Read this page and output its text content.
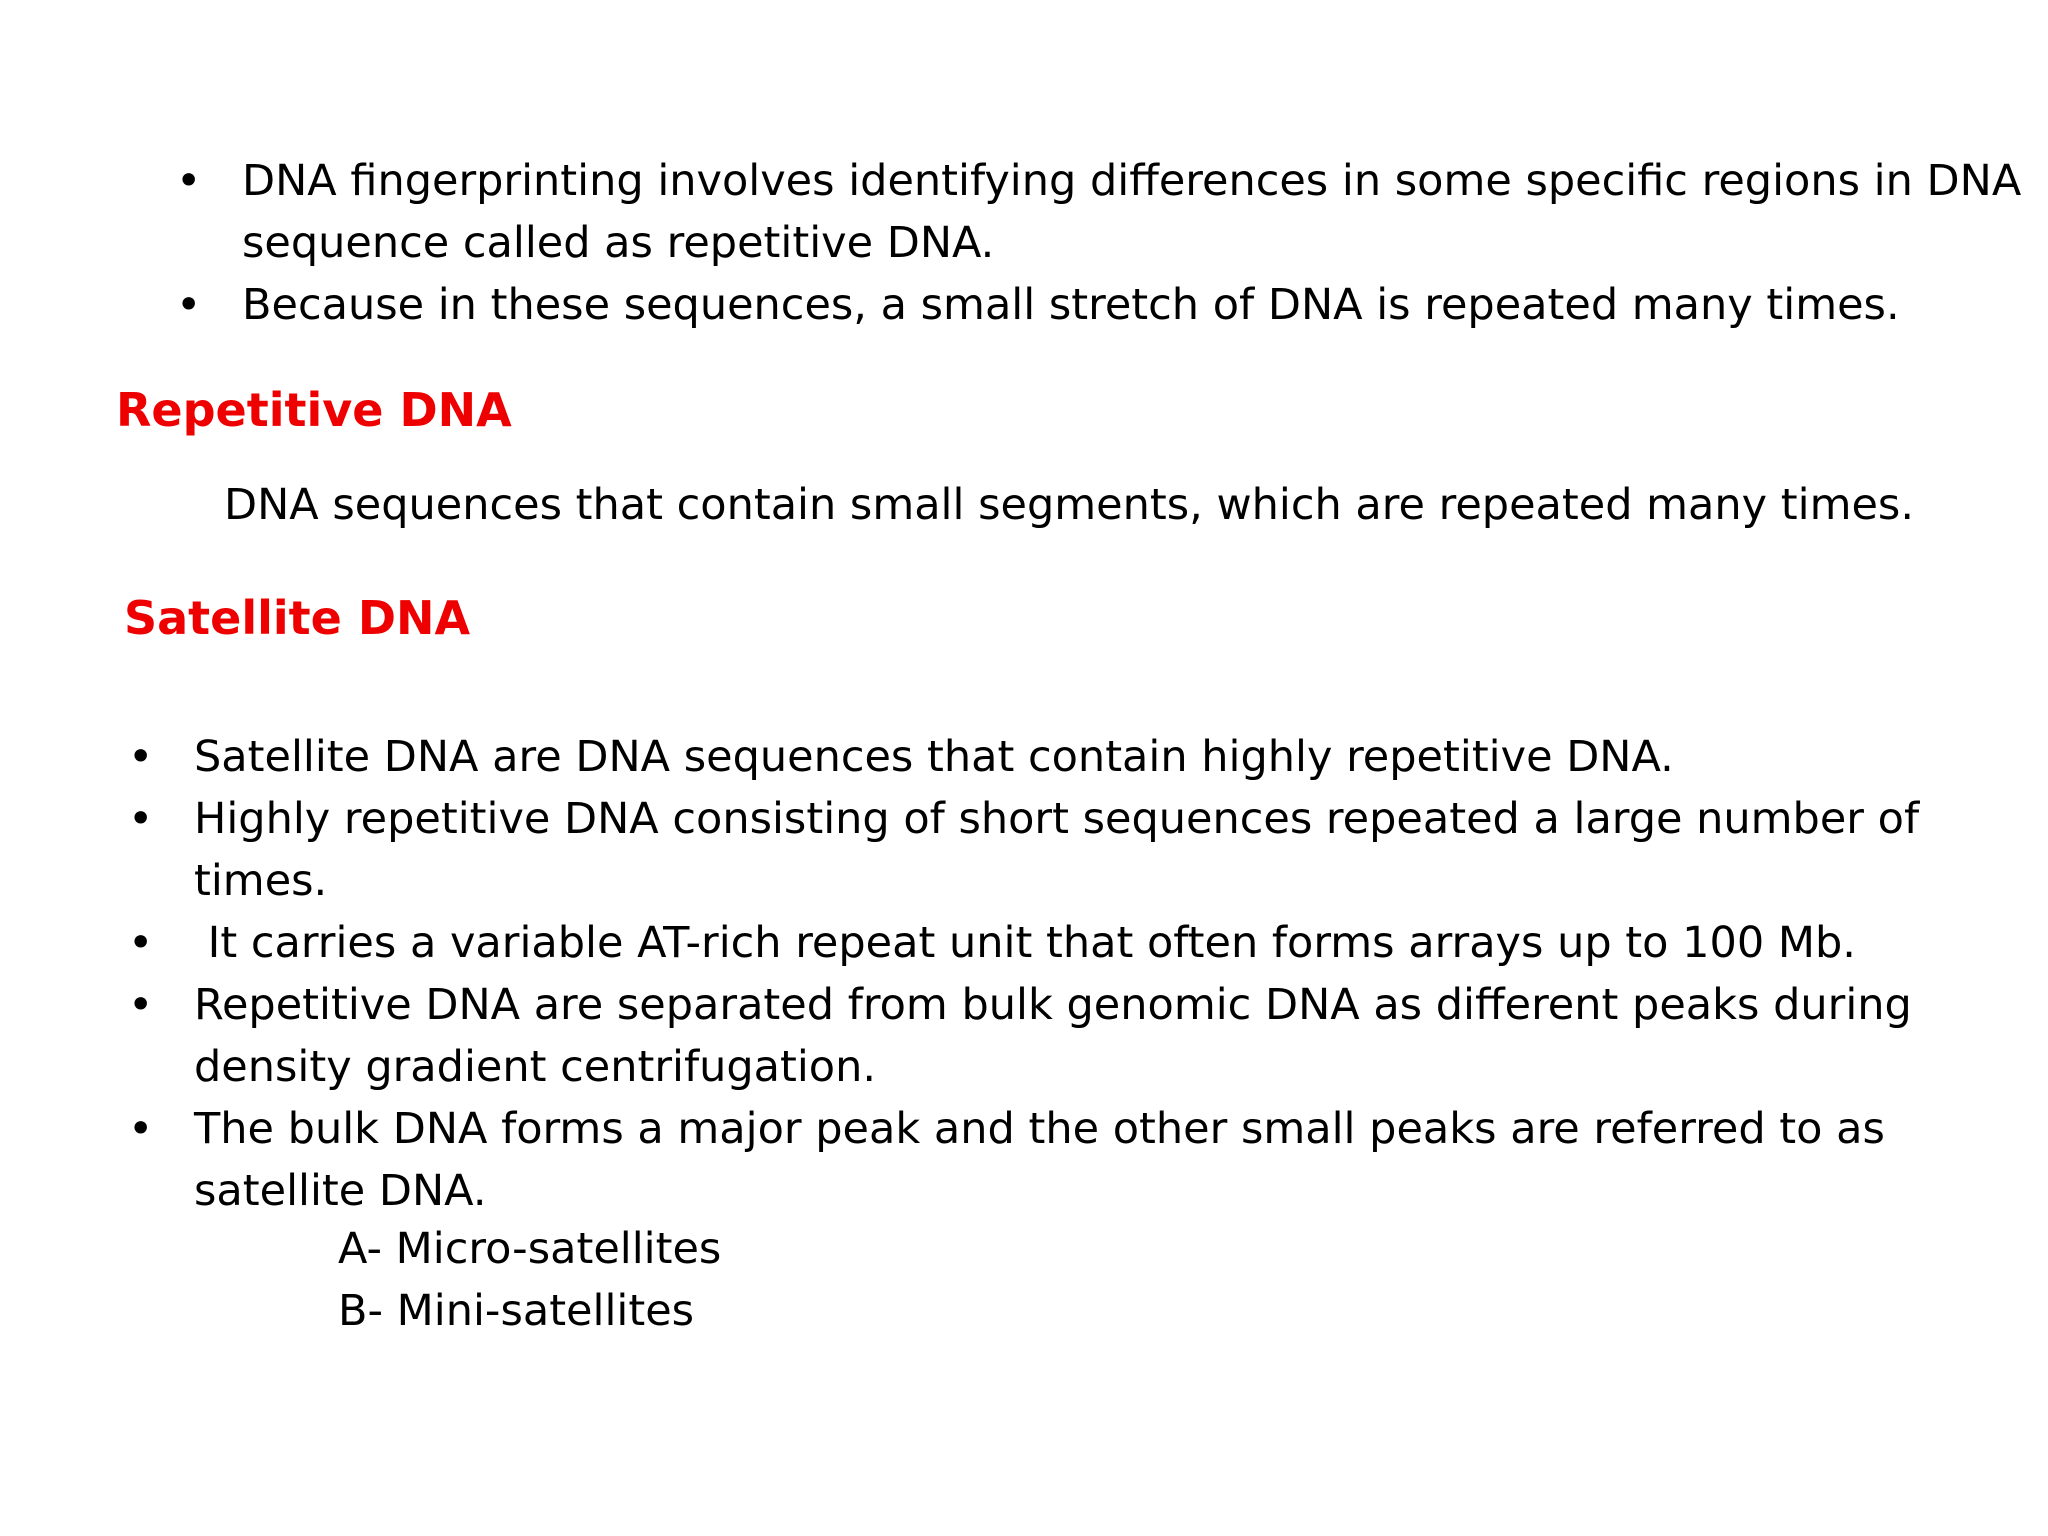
• DNA fingerprinting involves identifying differences in some specific regions in DNA
sequence called as repetitive DNA.
• Because in these sequences, a small stretch of DNA is repeated many times.
Repetitive DNA

DNA sequences that contain small segments, which are repeated many times.

Satellite DNA
• Satellite DNA are DNA sequences that contain highly repetitive DNA.
• Highly repetitive DNA consisting of short sequences repeated a large number of
times.
• It carries a variable AT-rich repeat unit that often forms arrays up to 100 Mb.
• Repetitive DNA are separated from bulk genomic DNA as different peaks during
density gradient centrifugation.
• The bulk DNA forms a major peak and the other small peaks are referred to as
satellite DNA.
A- Micro-satellites
B- Mini-satellites
